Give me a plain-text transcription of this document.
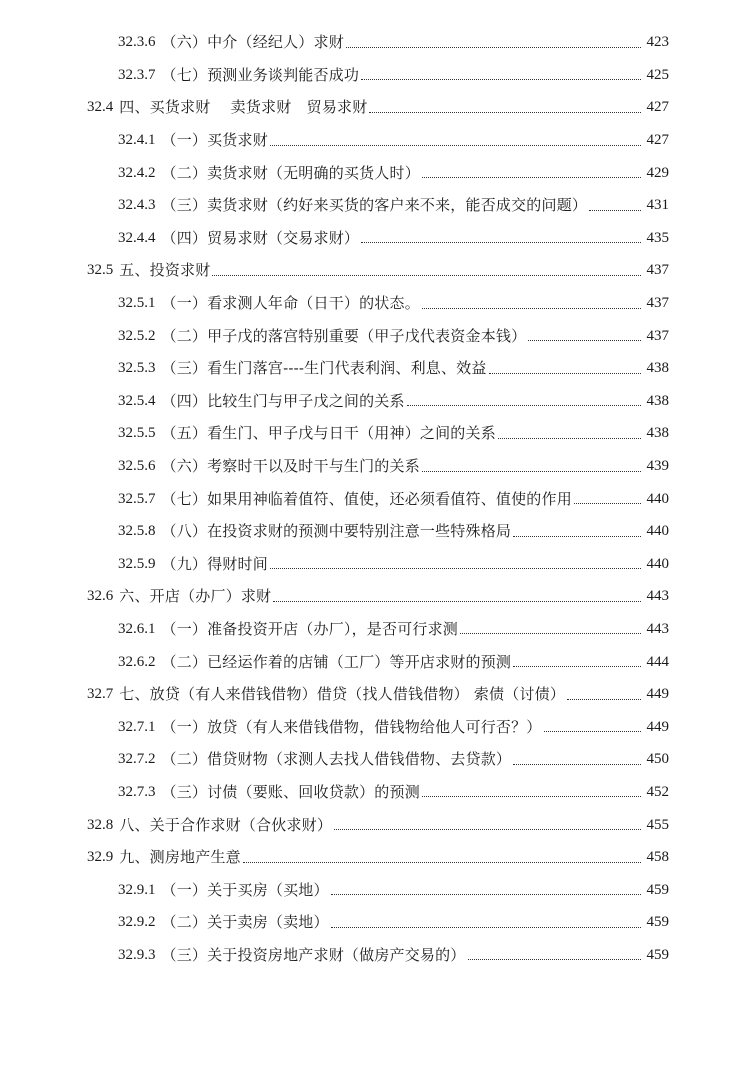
32.3.6 （六）中介（经纪人）求财	423
32.3.7 （七）预测业务谈判能否成功	425
32.4 四、买货求财　 卖货求财　贸易求财	427
32.4.1 （一）买货求财	427
32.4.2 （二）卖货求财（无明确的买货人时）	429
32.4.3 （三）卖货求财（约好来买货的客户来不来，能否成交的问题）	431
32.4.4 （四）贸易求财（交易求财）	435
32.5 五、投资求财	437
32.5.1 （一）看求测人年命（日干）的状态。	437
32.5.2 （二）甲子戊的落宫特别重要（甲子戊代表资金本钱）	437
32.5.3 （三）看生门落宫----生门代表利润、利息、效益	438
32.5.4 （四）比较生门与甲子戊之间的关系	438
32.5.5 （五）看生门、甲子戊与日干（用神）之间的关系	438
32.5.6 （六）考察时干以及时干与生门的关系	439
32.5.7 （七）如果用神临着值符、值使，还必须看值符、值使的作用	440
32.5.8 （八）在投资求财的预测中要特别注意一些特殊格局	440
32.5.9 （九）得财时间	440
32.6 六、开店（办厂）求财	443
32.6.1 （一）准备投资开店（办厂），是否可行求测	443
32.6.2 （二）已经运作着的店铺（工厂）等开店求财的预测	444
32.7 七、放贷（有人来借钱借物）借贷（找人借钱借物） 索债（讨债）	449
32.7.1 （一）放贷（有人来借钱借物，借钱物给他人可行否？）	449
32.7.2 （二）借贷财物（求测人去找人借钱借物、去贷款）	450
32.7.3 （三）讨债（要账、回收贷款）的预测	452
32.8 八、关于合作求财（合伙求财）	455
32.9 九、测房地产生意	458
32.9.1 （一）关于买房（买地）	459
32.9.2 （二）关于卖房（卖地）	459
32.9.3 （三）关于投资房地产求财（做房产交易的）	459
